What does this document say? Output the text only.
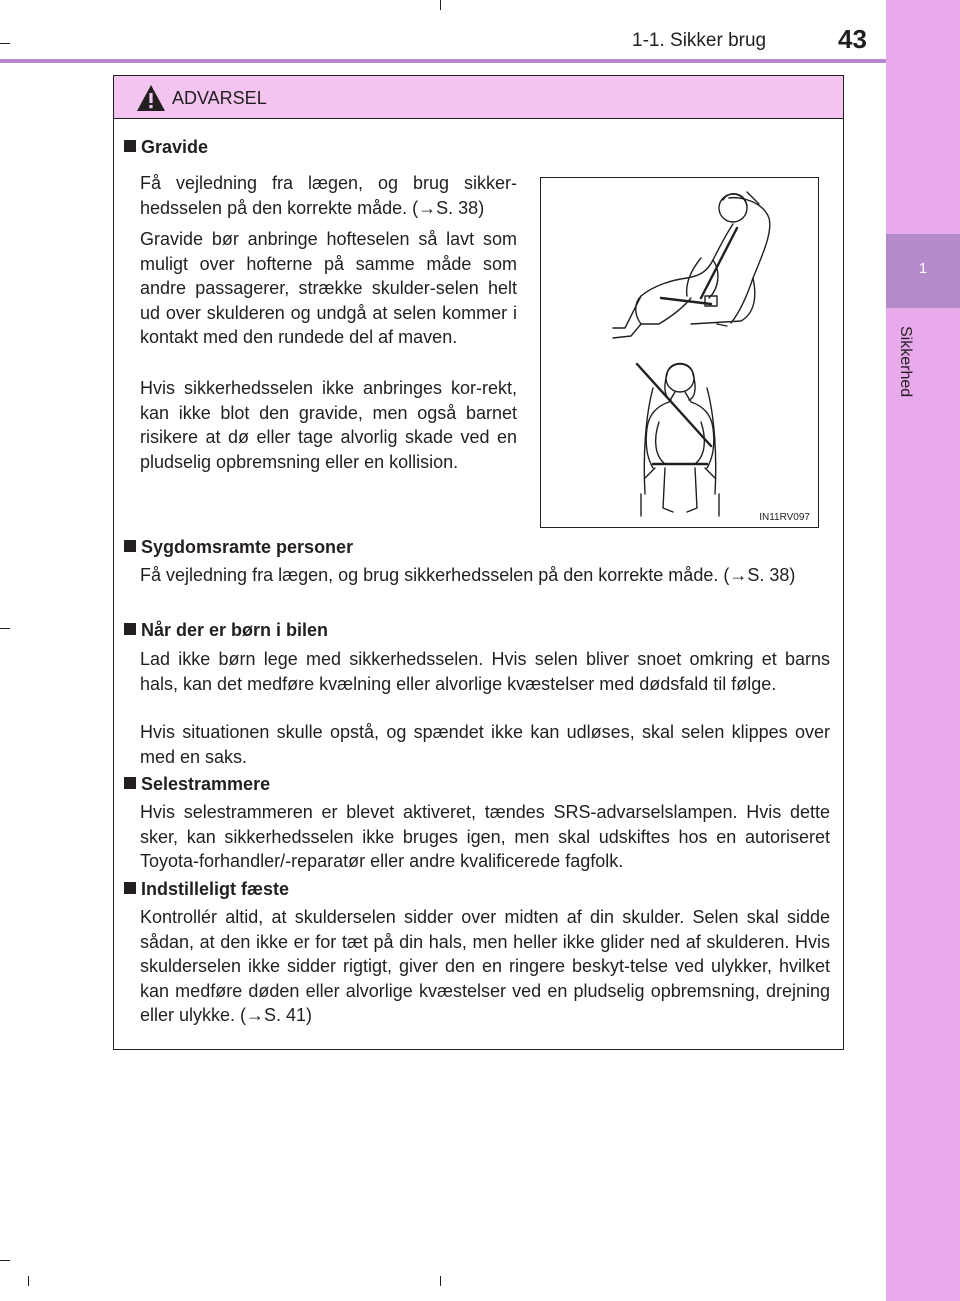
1-1. Sikker brug	43
1
Sikkerhed
ADVARSEL
Gravide
Få vejledning fra lægen, og brug sikker-hedsselen på den korrekte måde. (→S. 38)
Gravide bør anbringe hofteselen så lavt som muligt over hofterne på samme måde som andre passagerer, strække skulder-selen helt ud over skulderen og undgå at selen kommer i kontakt med den rundede del af maven.
Hvis sikkerhedsselen ikke anbringes kor-rekt, kan ikke blot den gravide, men også barnet risikere at dø eller tage alvorlig skade ved en pludselig opbremsning eller en kollision.
IN11RV097
Sygdomsramte personer
Få vejledning fra lægen, og brug sikkerhedsselen på den korrekte måde. (→S. 38)
Når der er børn i bilen
Lad ikke børn lege med sikkerhedsselen. Hvis selen bliver snoet omkring et barns hals, kan det medføre kvælning eller alvorlige kvæstelser med dødsfald til følge.
Hvis situationen skulle opstå, og spændet ikke kan udløses, skal selen klippes over med en saks.
Selestrammere
Hvis selestrammeren er blevet aktiveret, tændes SRS-advarselslampen. Hvis dette sker, kan sikkerhedsselen ikke bruges igen, men skal udskiftes hos en autoriseret Toyota-forhandler/-reparatør eller andre kvalificerede fagfolk.
Indstilleligt fæste
Kontrollér altid, at skulderselen sidder over midten af din skulder. Selen skal sidde sådan, at den ikke er for tæt på din hals, men heller ikke glider ned af skulderen. Hvis skulderselen ikke sidder rigtigt, giver den en ringere beskyt-telse ved ulykker, hvilket kan medføre døden eller alvorlige kvæstelser ved en pludselig opbremsning, drejning eller ulykke. (→S. 41)
